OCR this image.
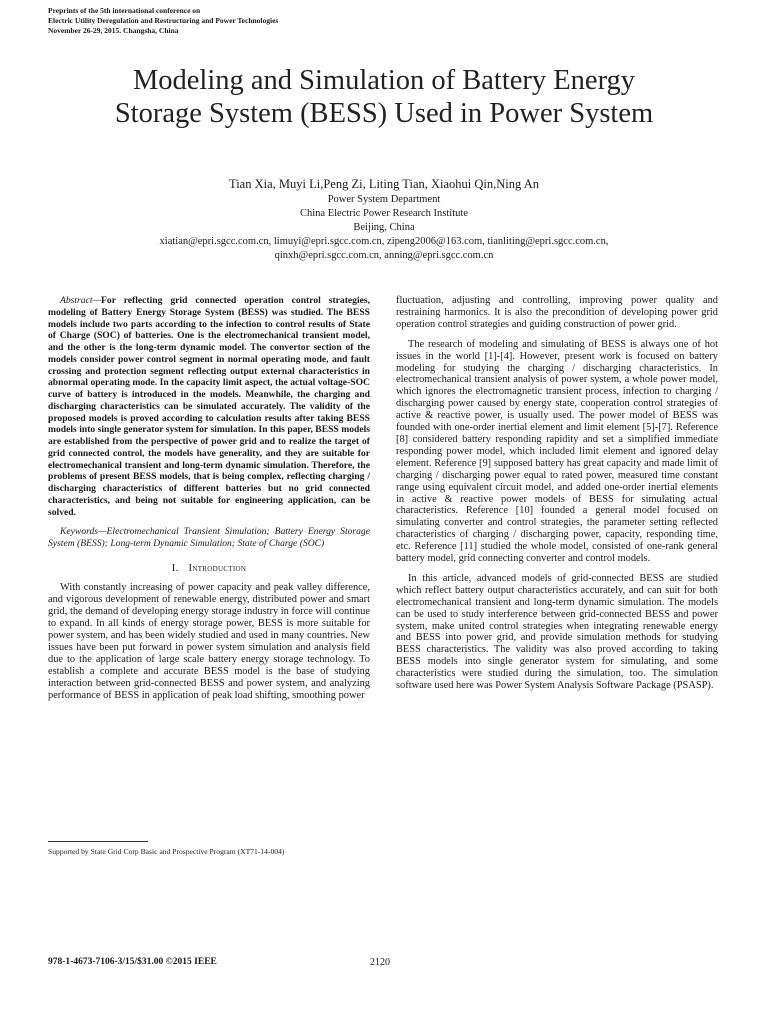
Preprints of the 5th international conference on
Electric Utility Deregulation and Restructuring and Power Technologies
November 26-29, 2015. Changsha, China
Modeling and Simulation of Battery Energy
Storage System (BESS) Used in Power System
Tian Xia, Muyi Li,Peng Zi, Liting Tian, Xiaohui Qin,Ning An
Power System Department
China Electric Power Research Institute
Beijing, China
xiatian@epri.sgcc.com.cn, limuyi@epri.sgcc.com.cn, zipeng2006@163.com, tianliting@epri.sgcc.com.cn,
qinxh@epri.sgcc.com.cn, anning@epri.sgcc.com.cn

Abstract—For reflecting grid connected operation control strategies, modeling of Battery Energy Storage System (BESS) was studied. The BESS models include two parts according to the infection to control results of State of Charge (SOC) of batteries. One is the electromechanical transient model, and the other is the long-term dynamic model. The convertor section of the models consider power control segment in normal operating mode, and fault crossing and protection segment reflecting output external characteristics in abnormal operating mode. In the capacity limit aspect, the actual voltage-SOC curve of battery is introduced in the models. Meanwhile, the charging and discharging characteristics can be simulated accurately. The validity of the proposed models is proved according to calculation results after taking BESS models into single generator system for simulation. In this paper, BESS models are established from the perspective of power grid and to realize the target of grid connected control, the models have generality, and they are suitable for electromechanical transient and long-term dynamic simulation. Therefore, the problems of present BESS models, that is being complex, reflecting charging / discharging characteristics of different batteries but no grid connected characteristics, and being not suitable for engineering application, can be solved.

Keywords—Electromechanical Transient Simulation; Battery Energy Storage System (BESS); Long-term Dynamic Simulation; State of Charge (SOC)

I. Introduction

With constantly increasing of power capacity and peak valley difference, and vigorous development of renewable energy, distributed power and smart grid, the demand of developing energy storage industry in force will continue to expand. In all kinds of energy storage power, BESS is more suitable for power system, and has been widely studied and used in many countries. New issues have been put forward in power system simulation and analysis field due to the application of large scale battery energy storage technology. To establish a complete and accurate BESS model is the base of studying interaction between grid-connected BESS and power system, and analyzing performance of BESS in application of peak load shifting, smoothing power

fluctuation, adjusting and controlling, improving power quality and restraining harmonics. It is also the precondition of developing power grid operation control strategies and guiding construction of power grid.

The research of modeling and simulating of BESS is always one of hot issues in the world [1]-[4]. However, present work is focused on battery modeling for studying the charging / discharging characteristics. In electromechanical transient analysis of power system, a whole power model, which ignores the electromagnetic transient process, infection to charging / discharging power caused by energy state, cooperation control strategies of active & reactive power, is usually used. The power model of BESS was founded with one-order inertial element and limit element [5]-[7]. Reference [8] considered battery responding rapidity and set a simplified immediate responding power model, which included limit element and ignored delay element. Reference [9] supposed battery has great capacity and made limit of charging / discharging power equal to rated power, measured time constant range using equivalent circuit model, and added one-order inertial elements in active & reactive power models of BESS for simulating actual characteristics. Reference [10] founded a general model focused on simulating converter and control strategies, the parameter setting reflected characteristics of charging / discharging power, capacity, responding time, etc. Reference [11] studied the whole model, consisted of one-rank general battery model, grid connecting converter and control models.

In this article, advanced models of grid-connected BESS are studied which reflect battery output characteristics accurately, and can suit for both electromechanical transient and long-term dynamic simulation. The models can be used to study interference between grid-connected BESS and power system, make united control strategies when integrating renewable energy and BESS into power grid, and provide simulation methods for studying BESS characteristics. The validity was also proved according to taking BESS models into single generator system for simulating, and some characteristics were studied during the simulation, too. The simulation software used here was Power System Analysis Software Package (PSASP).

Supported by State Grid Corp Basic and Prospective Program (XT71-14-004)
978-1-4673-7106-3/15/$31.00 ©2015 IEEE	2120
